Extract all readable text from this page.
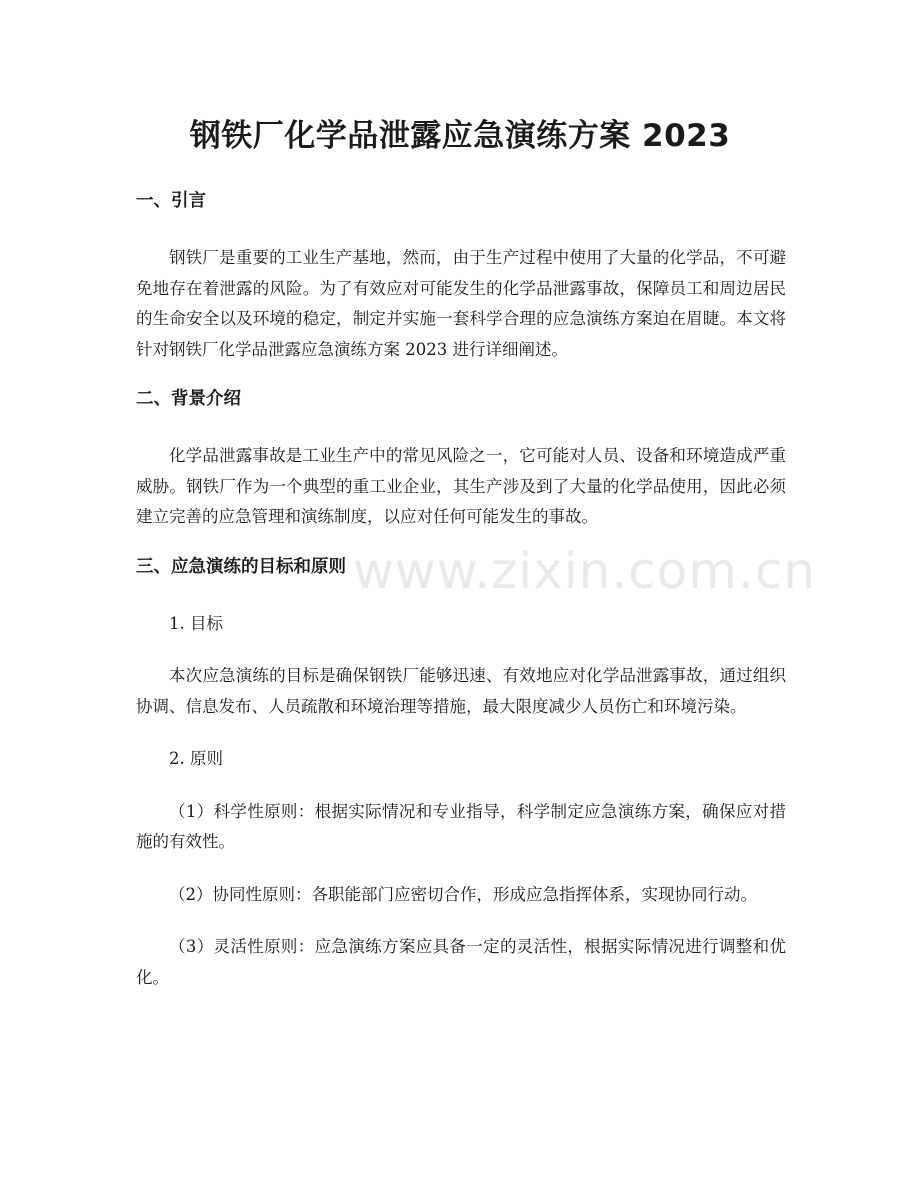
钢铁厂化学品泄露应急演练方案 2023
www.zixin.com.cn
一、引言

钢铁厂是重要的工业生产基地，然而，由于生产过程中使用了大量的化学品，不可避免地存在着泄露的风险。为了有效应对可能发生的化学品泄露事故，保障员工和周边居民的生命安全以及环境的稳定，制定并实施一套科学合理的应急演练方案迫在眉睫。本文将针对钢铁厂化学品泄露应急演练方案 2023 进行详细阐述。

二、背景介绍

化学品泄露事故是工业生产中的常见风险之一，它可能对人员、设备和环境造成严重威胁。钢铁厂作为一个典型的重工业企业，其生产涉及到了大量的化学品使用，因此必须建立完善的应急管理和演练制度，以应对任何可能发生的事故。

三、应急演练的目标和原则

1. 目标

本次应急演练的目标是确保钢铁厂能够迅速、有效地应对化学品泄露事故，通过组织协调、信息发布、人员疏散和环境治理等措施，最大限度减少人员伤亡和环境污染。

2. 原则

（1）科学性原则：根据实际情况和专业指导，科学制定应急演练方案，确保应对措施的有效性。

（2）协同性原则：各职能部门应密切合作，形成应急指挥体系，实现协同行动。

（3）灵活性原则：应急演练方案应具备一定的灵活性，根据实际情况进行调整和优化。
